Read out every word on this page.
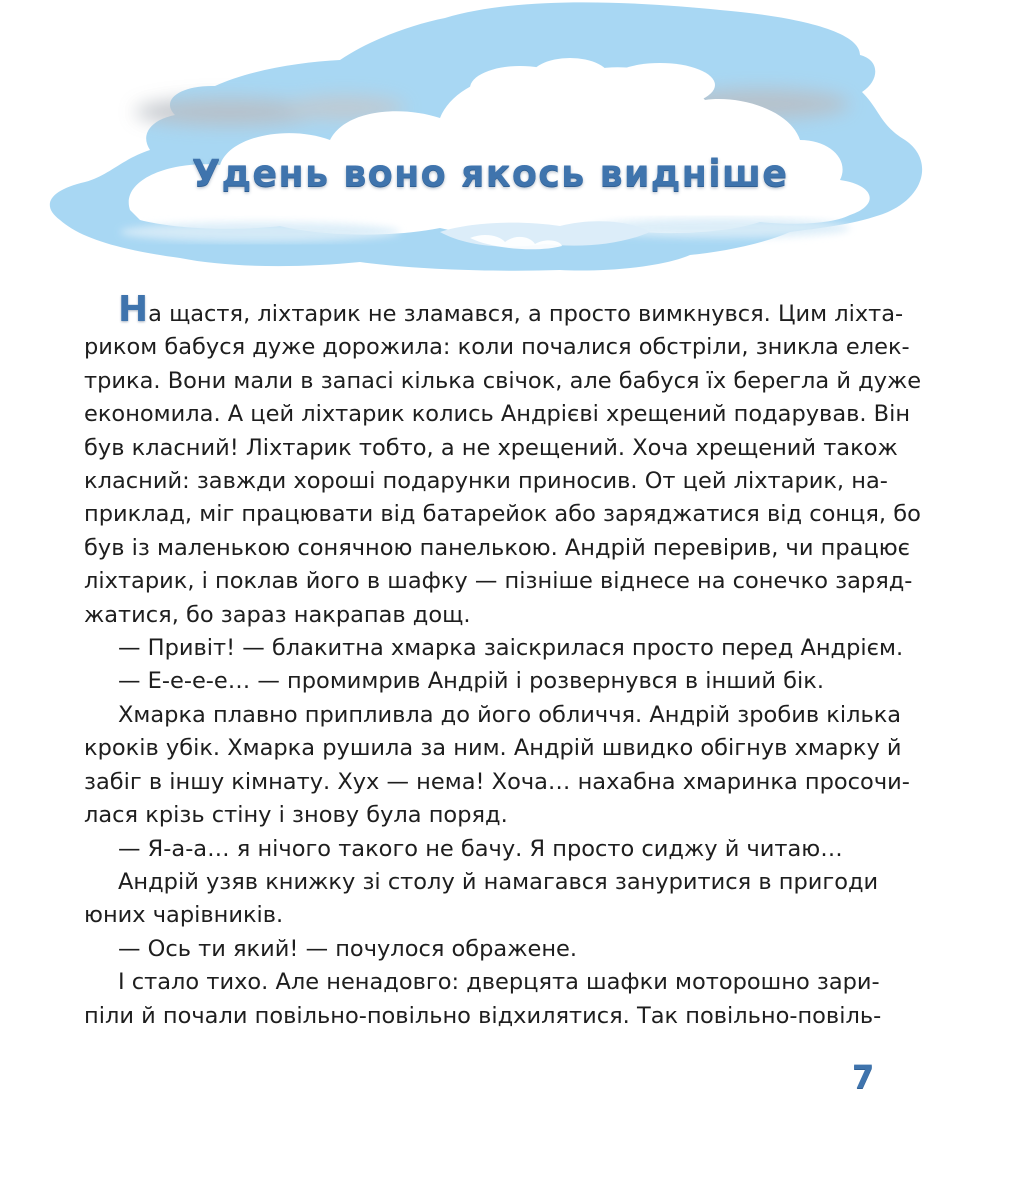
Удень воно якось видніше
На щастя, ліхтарик не зламався, а просто вимкнувся. Цим ліхта-
риком бабуся дуже дорожила: коли почалися обстріли, зникла елек-
трика. Вони мали в запасі кілька свічок, але бабуся їх берегла й дуже
економила. А цей ліхтарик колись Андрієві хрещений подарував. Він
був класний! Ліхтарик тобто, а не хрещений. Хоча хрещений також
класний: завжди хороші подарунки приносив. От цей ліхтарик, на-
приклад, міг працювати від батарейок або заряджатися від сонця, бо
був із маленькою сонячною панелькою. Андрій перевірив, чи працює
ліхтарик, і поклав його в шафку — пізніше віднесе на сонечко заряд-
жатися, бо зараз накрапав дощ.
— Привіт! — блакитна хмарка заіскрилася просто перед Андрієм.
— Е-е-е-е… — промимрив Андрій і розвернувся в інший бік.
Хмарка плавно припливла до його обличчя. Андрій зробив кілька
кроків убік. Хмарка рушила за ним. Андрій швидко обігнув хмарку й
забіг в іншу кімнату. Хух — нема! Хоча… нахабна хмаринка просочи-
лася крізь стіну і знову була поряд.
— Я-а-а… я нічого такого не бачу. Я просто сиджу й читаю…
Андрій узяв книжку зі столу й намагався зануритися в пригоди
юних чарівників.
— Ось ти який! — почулося ображене.
І стало тихо. Але ненадовго: дверцята шафки моторошно зари-
піли й почали повільно-повільно відхилятися. Так повільно-повіль-
7
